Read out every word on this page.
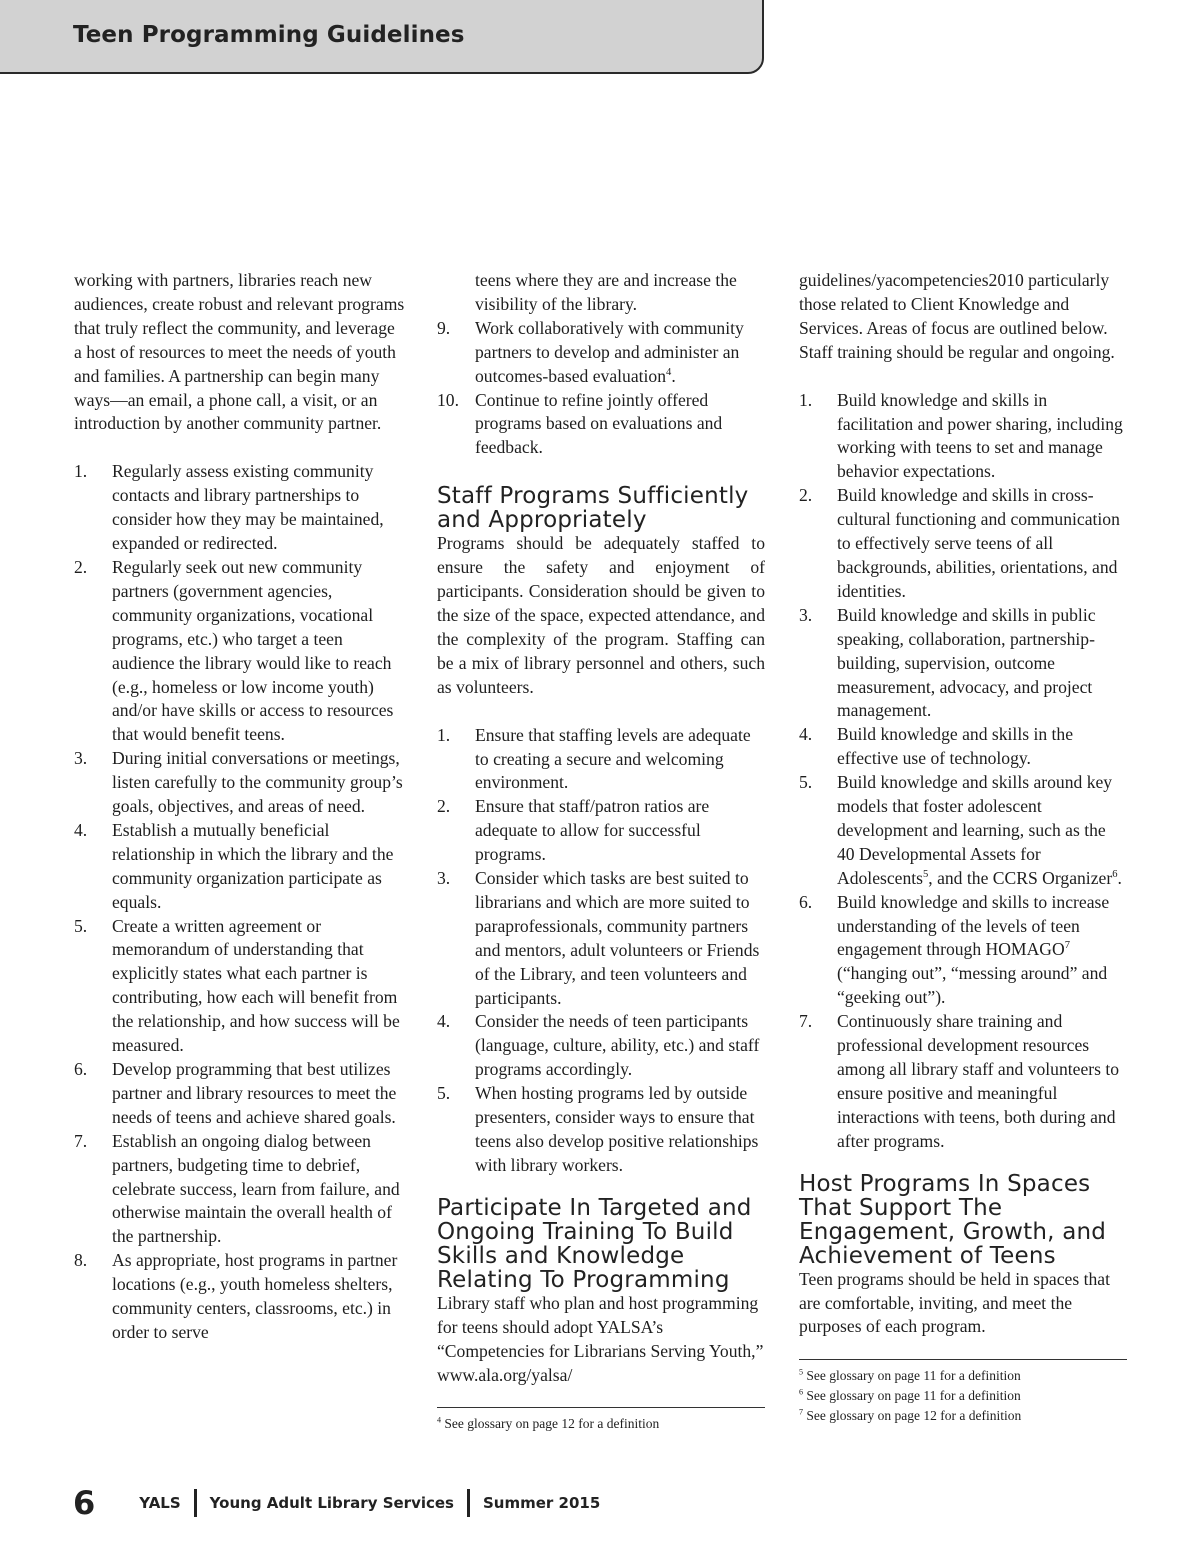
Teen Programming Guidelines

working with partners, libraries reach new audiences, create robust and relevant programs that truly reflect the community, and leverage a host of resources to meet the needs of youth and families. A partnership can begin many ways—an email, a phone call, a visit, or an introduction by another community partner.

1. Regularly assess existing community contacts and library partnerships to consider how they may be maintained, expanded or redirected.
2. Regularly seek out new community partners (government agencies, community organizations, vocational programs, etc.) who target a teen audience the library would like to reach (e.g., homeless or low income youth) and/or have skills or access to resources that would benefit teens.
3. During initial conversations or meetings, listen carefully to the community group’s goals, objectives, and areas of need.
4. Establish a mutually beneficial relationship in which the library and the community organization participate as equals.
5. Create a written agreement or memorandum of understanding that explicitly states what each partner is contributing, how each will benefit from the relationship, and how success will be measured.
6. Develop programming that best utilizes partner and library resources to meet the needs of teens and achieve shared goals.
7. Establish an ongoing dialog between partners, budgeting time to debrief, celebrate success, learn from failure, and otherwise maintain the overall health of the partnership.
8. As appropriate, host programs in partner locations (e.g., youth homeless shelters, community centers, classrooms, etc.) in order to serve
teens where they are and increase the visibility of the library.
9. Work collaboratively with community partners to develop and administer an outcomes-based evaluation$^4$.
10. Continue to refine jointly offered programs based on evaluations and feedback.
Staff Programs Sufficiently and Appropriately

Programs should be adequately staffed to ensure the safety and enjoyment of participants. Consideration should be given to the size of the space, expected attendance, and the complexity of the program. Staffing can be a mix of library personnel and others, such as volunteers.

1. Ensure that staffing levels are adequate to creating a secure and welcoming environment.
2. Ensure that staff/patron ratios are adequate to allow for successful programs.
3. Consider which tasks are best suited to librarians and which are more suited to paraprofessionals, community partners and mentors, adult volunteers or Friends of the Library, and teen volunteers and participants.
4. Consider the needs of teen participants (language, culture, ability, etc.) and staff programs accordingly.
5. When hosting programs led by outside presenters, consider ways to ensure that teens also develop positive relationships with library workers.
Participate In Targeted and Ongoing Training To Build Skills and Knowledge Relating To Programming

Library staff who plan and host programming for teens should adopt YALSA’s “Competencies for Librarians Serving Youth,” www.ala.org/yalsa/

$^4$ See glossary on page 12 for a definition

guidelines/yacompetencies2010 particularly those related to Client Knowledge and Services. Areas of focus are outlined below. Staff training should be regular and ongoing.

1. Build knowledge and skills in facilitation and power sharing, including working with teens to set and manage behavior expectations.
2. Build knowledge and skills in cross-cultural functioning and communication to effectively serve teens of all backgrounds, abilities, orientations, and identities.
3. Build knowledge and skills in public speaking, collaboration, partnership-building, supervision, outcome measurement, advocacy, and project management.
4. Build knowledge and skills in the effective use of technology.
5. Build knowledge and skills around key models that foster adolescent development and learning, such as the 40 Developmental Assets for Adolescents$^5$, and the CCRS Organizer$^6$.
6. Build knowledge and skills to increase understanding of the levels of teen engagement through HOMAGO$^7$ (“hanging out”, “messing around” and “geeking out”).
7. Continuously share training and professional development resources among all library staff and volunteers to ensure positive and meaningful interactions with teens, both during and after programs.
Host Programs In Spaces That Support The Engagement, Growth, and Achievement of Teens

Teen programs should be held in spaces that are comfortable, inviting, and meet the purposes of each program.

$^5$ See glossary on page 11 for a definition
$^6$ See glossary on page 11 for a definition
$^7$ See glossary on page 12 for a definition
6	YALS Young Adult Library Services Summer 2015
